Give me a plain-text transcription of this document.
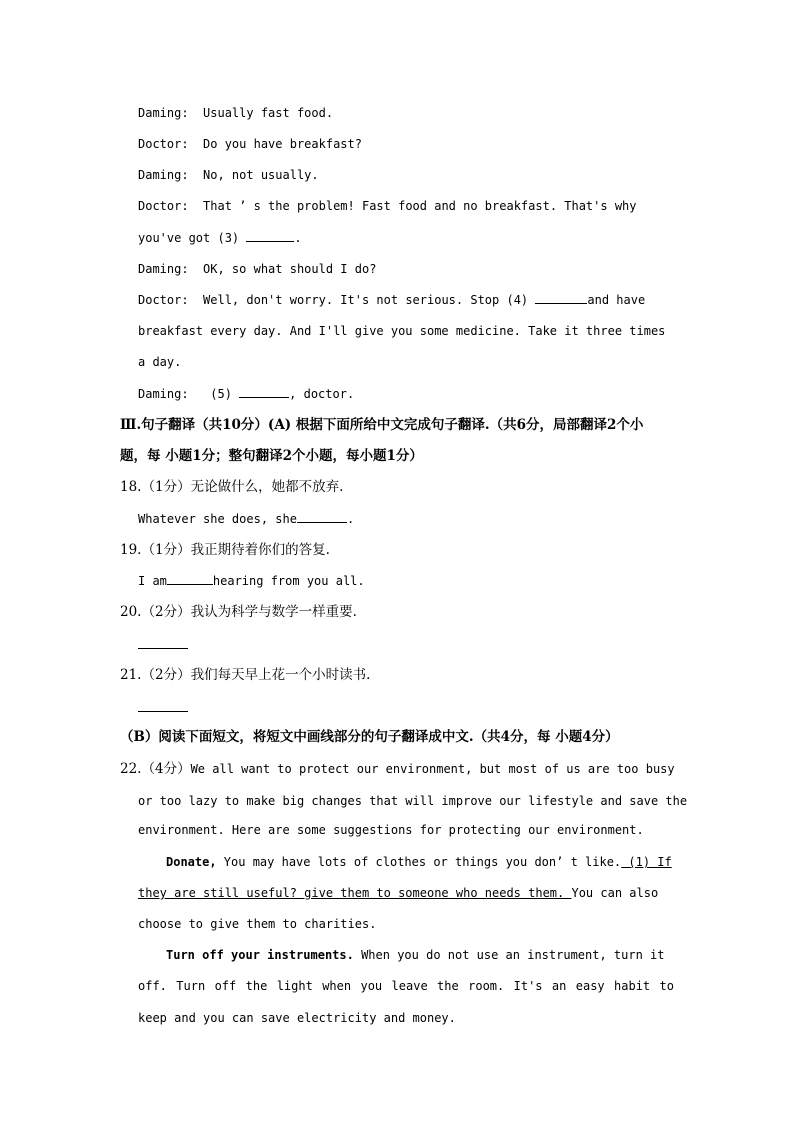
Daming: Usually fast food.
Doctor: Do you have breakfast?
Daming: No, not usually.
Doctor: That ’ s the problem! Fast food and no breakfast. That's why
you've got (3)	.
Daming: OK, so what should I do?
Doctor: Well, don't worry. It's not serious. Stop (4)	and have
breakfast every day. And I'll give you some medicine. Take it three times
a day.
Daming:   (5)	, doctor.
Ⅲ.句子翻译（共10分）(A) 根据下面所给中文完成句子翻译.（共6分，局部翻译2个小
题，每 小题1分；整句翻译2个小题，每小题1分）
18.（1分）无论做什么，她都不放弃.
Whatever she does, she	.
19.（1分）我正期待着你们的答复.
I am	hearing from you all.
20.（2分）我认为科学与数学一样重要.
21.（2分）我们每天早上花一个小时读书.
（B）阅读下面短文，将短文中画线部分的句子翻译成中文.（共4分，每 小题4分）
22.（4分）We all want to protect our environment, but most of us are too busy
or too lazy to make big changes that will improve our lifestyle and save the
environment. Here are some suggestions for protecting our environment.
Donate, You may have lots of clothes or things you don’ t like. (1) If
they are still useful? give them to someone who needs them. You can also
choose to give them to charities.
Turn off your instruments. When you do not use an instrument, turn it
off. Turn off the light when you leave the room. It's an easy habit to
keep and you can save electricity and money.
